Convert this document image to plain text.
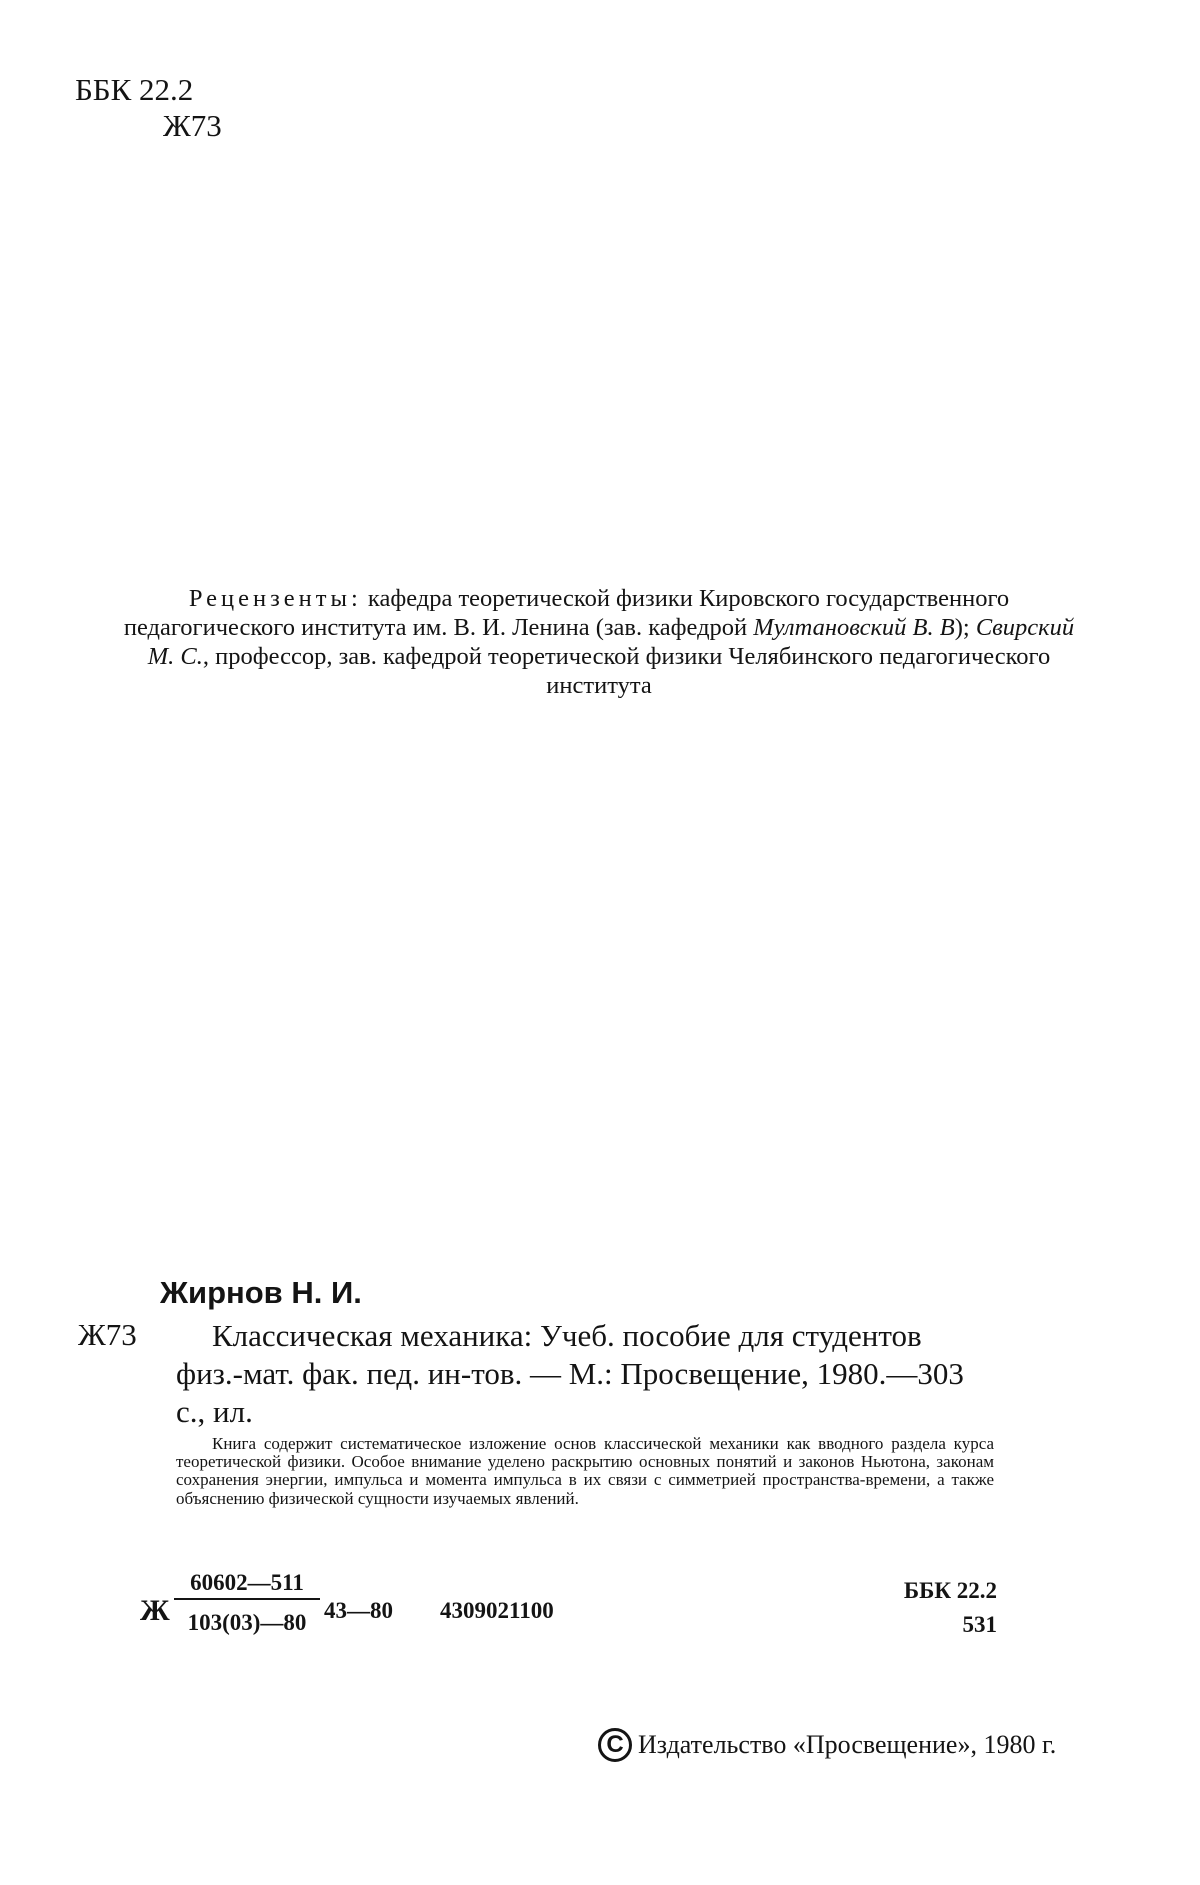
ББК 22.2
Ж73
Рецензенты: кафедра теоретической физики Кировского государственного педагогического института им. В. И. Ленина (зав. кафедрой Мултановский В. В); Свирский М. С., профессор, зав. кафедрой теоретической физики Челябинского педагогического института
Жирнов Н. И.
Ж73	Классическая механика: Учеб. пособие для студентов физ.-мат. фак. пед. ин-тов. — М.: Просвещение, 1980.—303 с., ил.
Книга содержит систематическое изложение основ классической механики как вводного раздела курса теоретической физики. Особое внимание уделено раскрытию основных понятий и законов Ньютона, законам сохранения энергии, импульса и момента импульса в их связи с симметрией пространства-времени, а также объяснению физической сущности изучаемых явлений.
Ж $\frac{60602—511}{103(03)—80}$ 43—80 4309021100
ББК 22.2
531
С Издательство «Просвещение», 1980 г.
